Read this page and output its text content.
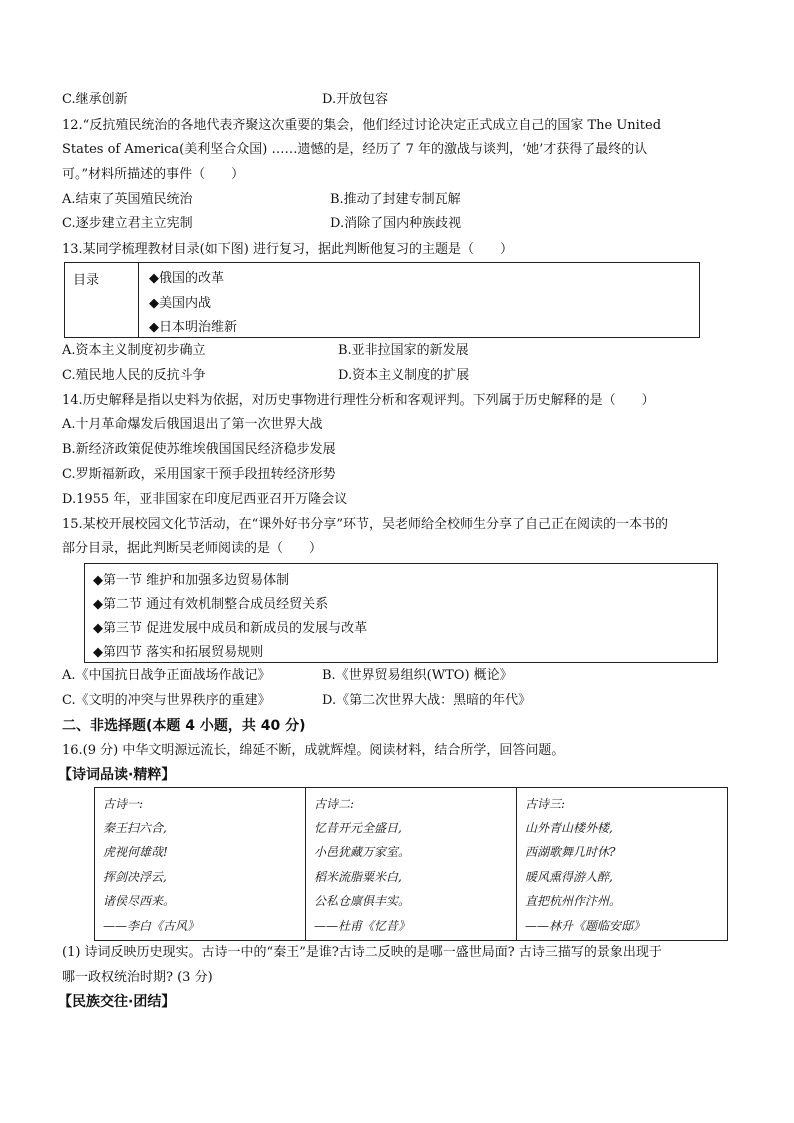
C.继承创新	D.开放包容
12.“反抗殖民统治的各地代表齐聚这次重要的集会，他们经过讨论决定正式成立自己的国家 The United
States of America(美利坚合众国) ……遗憾的是，经历了 7 年的激战与谈判，‘她’才获得了最终的认
可。”材料所描述的事件（　　）
A.结束了英国殖民统治	B.推动了封建专制瓦解
C.逐步建立君主立宪制	D.消除了国内种族歧视
13.某同学梳理教材目录(如下图) 进行复习，据此判断他复习的主题是（　　）
目录	◆俄国的改革
◆美国内战
◆日本明治维新
A.资本主义制度初步确立	B.亚非拉国家的新发展
C.殖民地人民的反抗斗争	D.资本主义制度的扩展
14.历史解释是指以史料为依据，对历史事物进行理性分析和客观评判。下列属于历史解释的是（　　）
A.十月革命爆发后俄国退出了第一次世界大战
B.新经济政策促使苏维埃俄国国民经济稳步发展
C.罗斯福新政，采用国家干预手段扭转经济形势
D.1955 年，亚非国家在印度尼西亚召开万隆会议
15.某校开展校园文化节活动，在“课外好书分享”环节，吴老师给全校师生分享了自己正在阅读的一本书的
部分目录，据此判断吴老师阅读的是（　　）
◆第一节 维护和加强多边贸易体制
◆第二节 通过有效机制整合成员经贸关系
◆第三节 促进发展中成员和新成员的发展与改革
◆第四节 落实和拓展贸易规则
A.《中国抗日战争正面战场作战记》	B.《世界贸易组织(WTO) 概论》
C.《文明的冲突与世界秩序的重建》	D.《第二次世界大战：黑暗的年代》
二、非选择题(本题 4 小题，共 40 分)
16.(9 分) 中华文明源远流长，绵延不断，成就辉煌。阅读材料，结合所学，回答问题。
【诗词品读·精粹】
古诗一:
秦王扫六合,
虎视何雄哉!
挥剑决浮云,
诸侯尽西来。
——李白《古风》
古诗二:
忆昔开元全盛日,
小邑犹藏万家室。
稻米流脂粟米白,
公私仓廪俱丰实。
——杜甫《忆昔》
古诗三:
山外青山楼外楼,
西湖歌舞几时休?
暖风熏得游人醉,
直把杭州作汴州。
——林升《题临安邸》
(1) 诗词反映历史现实。古诗一中的“秦王”是谁?古诗二反映的是哪一盛世局面? 古诗三描写的景象出现于
哪一政权统治时期? (3 分)
【民族交往·团结】
